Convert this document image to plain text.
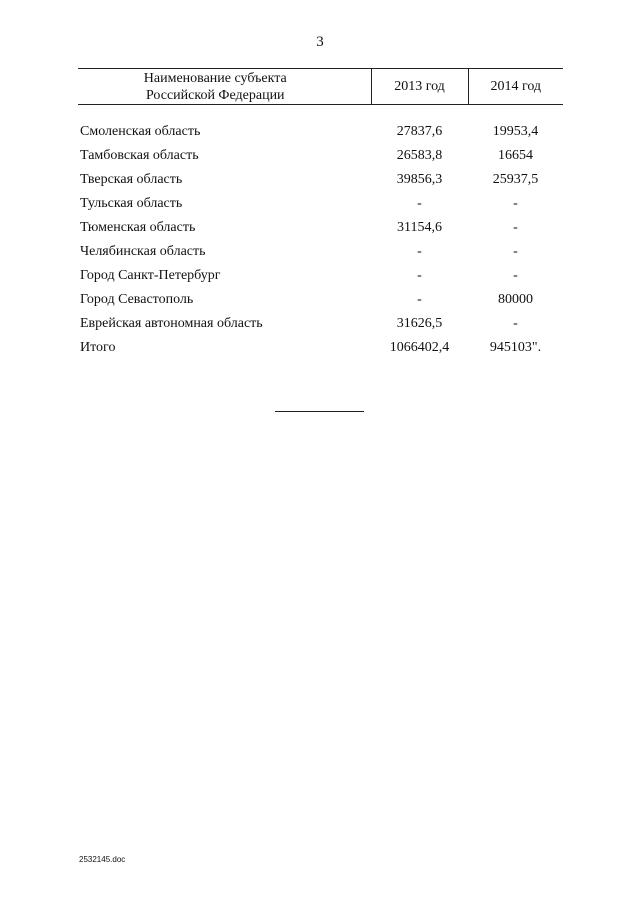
3
Наименование субъекта
Российской Федерации	2013 год	2014 год

Смоленская область	27837,6	19953,4
Тамбовская область	26583,8	16654
Тверская область	39856,3	25937,5
Тульская область	-	-
Тюменская область	31154,6	-
Челябинская область	-	-
Город Санкт-Петербург	-	-
Город Севастополь	-	80000
Еврейская автономная область	31626,5	-
Итого	1066402,4	945103".
2532145.doc
